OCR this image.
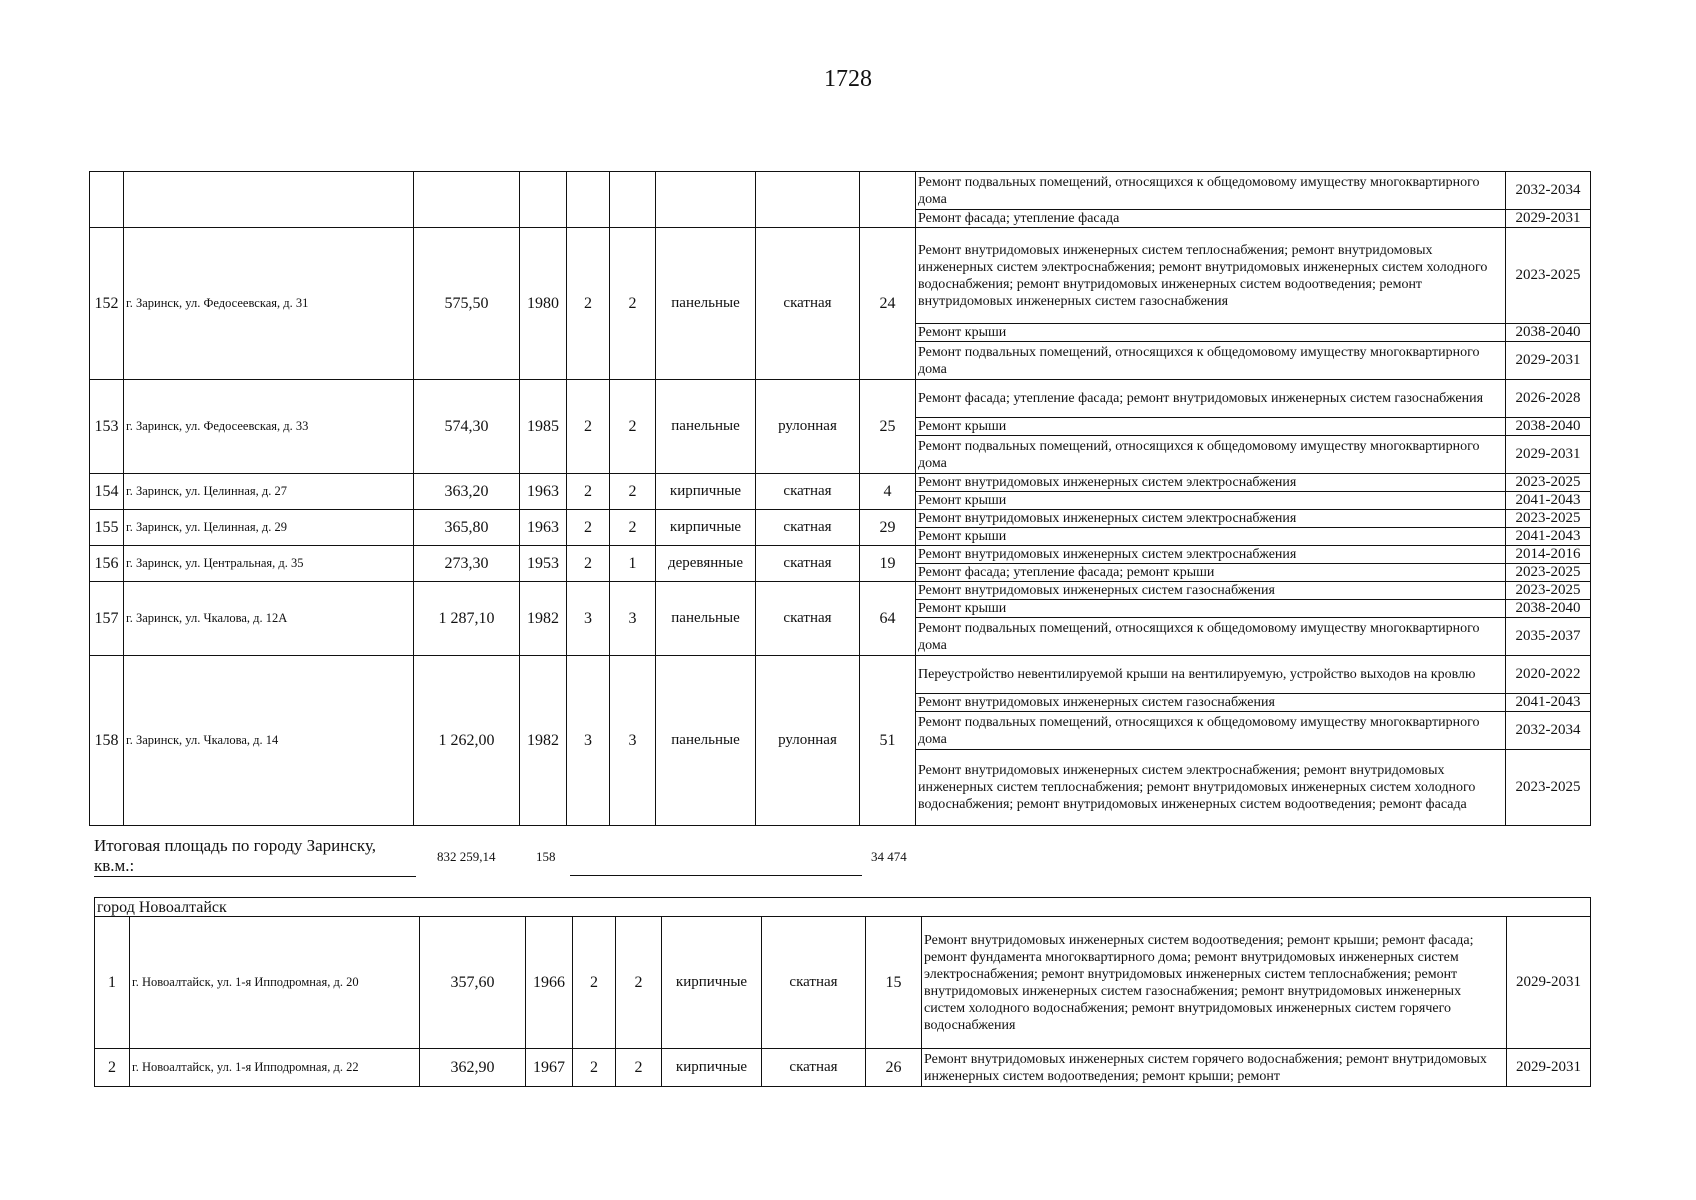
1728
									Ремонт подвальных помещений, относящихся к общедомовому имуществу многоквартирного дома	2032-2034
									Ремонт фасада; утепление фасада	2029-2031
152	г. Заринск, ул. Федосеевская, д. 31	575,50	1980	2	2	панельные	скатная	24	Ремонт внутридомовых инженерных систем теплоснабжения; ремонт внутридомовых инженерных систем электроснабжения; ремонт внутридомовых инженерных систем холодного водоснабжения; ремонт внутридомовых инженерных систем водоотведения; ремонт внутридомовых инженерных систем газоснабжения	2023-2025
									Ремонт крыши	2038-2040
									Ремонт подвальных помещений, относящихся к общедомовому имуществу многоквартирного дома	2029-2031
153	г. Заринск, ул. Федосеевская, д. 33	574,30	1985	2	2	панельные	рулонная	25	Ремонт фасада; утепление фасада; ремонт внутридомовых инженерных систем газоснабжения	2026-2028
									Ремонт крыши	2038-2040
									Ремонт подвальных помещений, относящихся к общедомовому имуществу многоквартирного дома	2029-2031
154	г. Заринск, ул. Целинная, д. 27	363,20	1963	2	2	кирпичные	скатная	4	Ремонт внутридомовых инженерных систем электроснабжения	2023-2025
									Ремонт крыши	2041-2043
155	г. Заринск, ул. Целинная, д. 29	365,80	1963	2	2	кирпичные	скатная	29	Ремонт внутридомовых инженерных систем электроснабжения	2023-2025
									Ремонт крыши	2041-2043
156	г. Заринск, ул. Центральная, д. 35	273,30	1953	2	1	деревянные	скатная	19	Ремонт внутридомовых инженерных систем электроснабжения	2014-2016
									Ремонт фасада; утепление фасада; ремонт крыши	2023-2025
157	г. Заринск, ул. Чкалова, д. 12А	1 287,10	1982	3	3	панельные	скатная	64	Ремонт внутридомовых инженерных систем газоснабжения	2023-2025
									Ремонт крыши	2038-2040
									Ремонт подвальных помещений, относящихся к общедомовому имуществу многоквартирного дома	2035-2037
158	г. Заринск, ул. Чкалова, д. 14	1 262,00	1982	3	3	панельные	рулонная	51	Переустройство невентилируемой крыши на вентилируемую, устройство выходов на кровлю	2020-2022
									Ремонт внутридомовых инженерных систем газоснабжения	2041-2043
									Ремонт подвальных помещений, относящихся к общедомовому имуществу многоквартирного дома	2032-2034
									Ремонт внутридомовых инженерных систем электроснабжения; ремонт внутридомовых инженерных систем теплоснабжения; ремонт внутридомовых инженерных систем холодного водоснабжения; ремонт внутридомовых инженерных систем водоотведения; ремонт фасада	2023-2025
Итоговая площадь по городу Заринску, кв.м.:	832 259,14	158	34 474
город Новоалтайск										
1	г. Новоалтайск, ул. 1-я Ипподромная, д. 20	357,60	1966	2	2	кирпичные	скатная	15	Ремонт внутридомовых инженерных систем водоотведения; ремонт крыши; ремонт фасада; ремонт фундамента многоквартирного дома; ремонт внутридомовых инженерных систем электроснабжения; ремонт внутридомовых инженерных систем теплоснабжения; ремонт внутридомовых инженерных систем газоснабжения; ремонт внутридомовых инженерных систем холодного водоснабжения; ремонт внутридомовых инженерных систем горячего водоснабжения	2029-2031
2	г. Новоалтайск, ул. 1-я Ипподромная, д. 22	362,90	1967	2	2	кирпичные	скатная	26	Ремонт внутридомовых инженерных систем горячего водоснабжения; ремонт внутридомовых инженерных систем водоотведения; ремонт крыши; ремонт	2029-2031
